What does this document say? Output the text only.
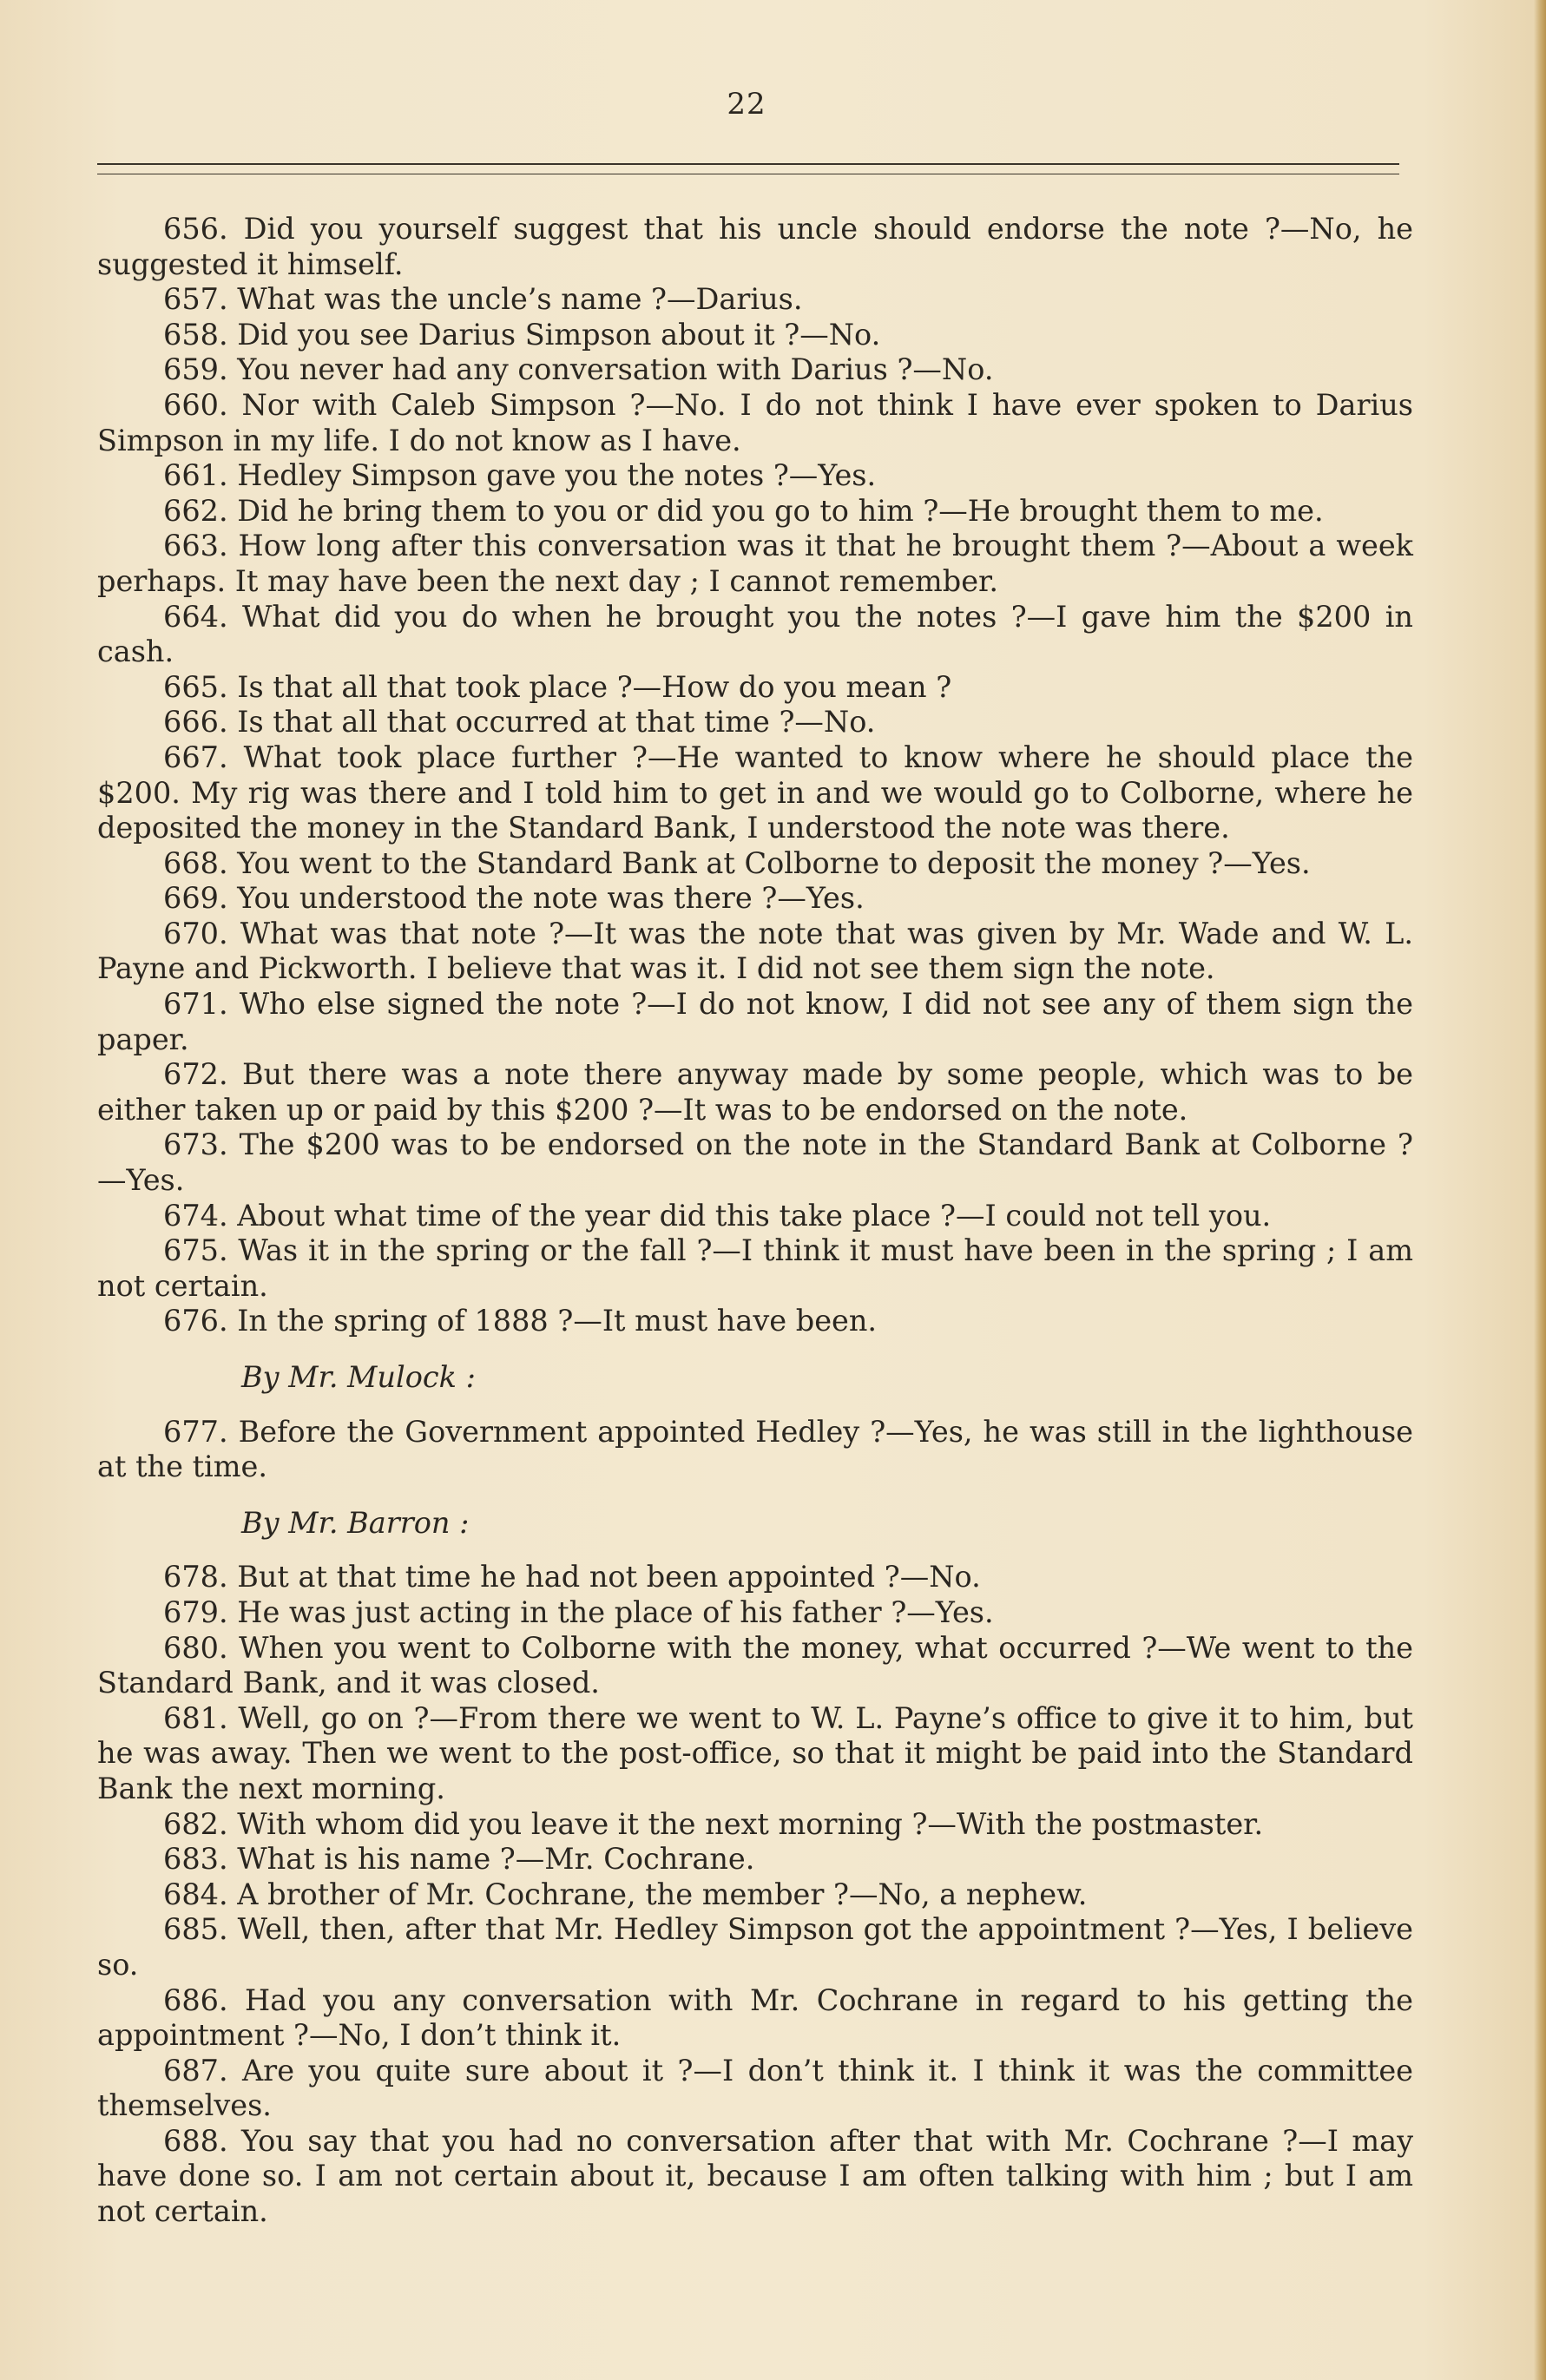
22

656. Did you yourself suggest that his uncle should endorse the note ?—No, he suggested it himself.

657. What was the uncle’s name ?—Darius.

658. Did you see Darius Simpson about it ?—No.

659. You never had any conversation with Darius ?—No.

660. Nor with Caleb Simpson ?—No. I do not think I have ever spoken to Darius Simpson in my life. I do not know as I have.

661. Hedley Simpson gave you the notes ?—Yes.

662. Did he bring them to you or did you go to him ?—He brought them to me.

663. How long after this conversation was it that he brought them ?—About a week perhaps. It may have been the next day ; I cannot remember.

664. What did you do when he brought you the notes ?—I gave him the $200 in cash.

665. Is that all that took place ?—How do you mean ?

666. Is that all that occurred at that time ?—No.

667. What took place further ?—He wanted to know where he should place the $200. My rig was there and I told him to get in and we would go to Colborne, where he deposited the money in the Standard Bank, I understood the note was there.

668. You went to the Standard Bank at Colborne to deposit the money ?—Yes.

669. You understood the note was there ?—Yes.

670. What was that note ?—It was the note that was given by Mr. Wade and W. L. Payne and Pickworth. I believe that was it. I did not see them sign the note.

671. Who else signed the note ?—I do not know, I did not see any of them sign the paper.

672. But there was a note there anyway made by some people, which was to be either taken up or paid by this $200 ?—It was to be endorsed on the note.

673. The $200 was to be endorsed on the note in the Standard Bank at Colborne ? —Yes.

674. About what time of the year did this take place ?—I could not tell you.

675. Was it in the spring or the fall ?—I think it must have been in the spring ; I am not certain.

676. In the spring of 1888 ?—It must have been.

By Mr. Mulock :

677. Before the Government appointed Hedley ?—Yes, he was still in the lighthouse at the time.

By Mr. Barron :

678. But at that time he had not been appointed ?—No.

679. He was just acting in the place of his father ?—Yes.

680. When you went to Colborne with the money, what occurred ?—We went to the Standard Bank, and it was closed.

681. Well, go on ?—From there we went to W. L. Payne’s office to give it to him, but he was away. Then we went to the post-office, so that it might be paid into the Standard Bank the next morning.

682. With whom did you leave it the next morning ?—With the postmaster.

683. What is his name ?—Mr. Cochrane.

684. A brother of Mr. Cochrane, the member ?—No, a nephew.

685. Well, then, after that Mr. Hedley Simpson got the appointment ?—Yes, I believe so.

686. Had you any conversation with Mr. Cochrane in regard to his getting the appointment ?—No, I don’t think it.

687. Are you quite sure about it ?—I don’t think it. I think it was the committee themselves.

688. You say that you had no conversation after that with Mr. Cochrane ?—I may have done so. I am not certain about it, because I am often talking with him ; but I am not certain.
